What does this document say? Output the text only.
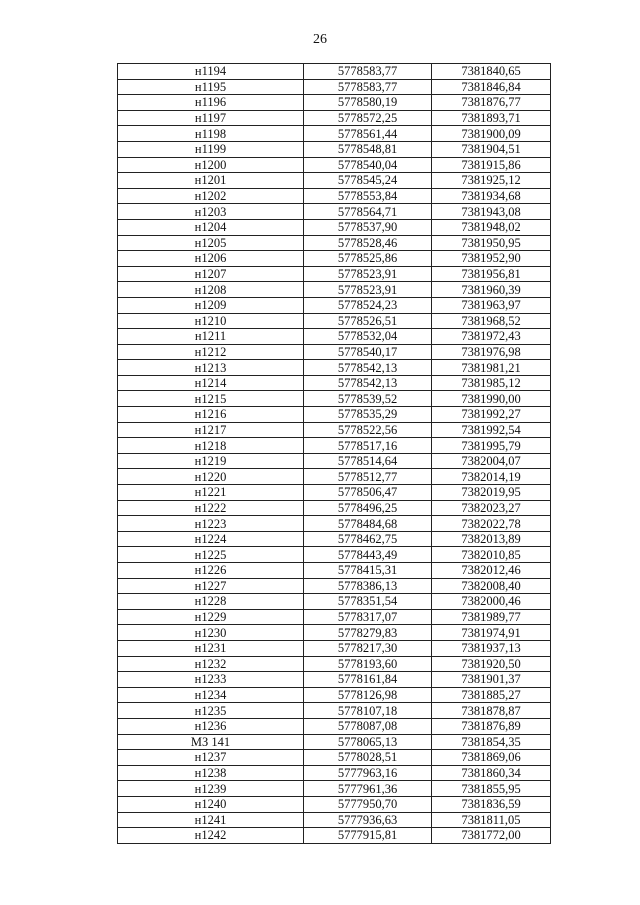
26
н1194	5778583,77	7381840,65
н1195	5778583,77	7381846,84
н1196	5778580,19	7381876,77
н1197	5778572,25	7381893,71
н1198	5778561,44	7381900,09
н1199	5778548,81	7381904,51
н1200	5778540,04	7381915,86
н1201	5778545,24	7381925,12
н1202	5778553,84	7381934,68
н1203	5778564,71	7381943,08
н1204	5778537,90	7381948,02
н1205	5778528,46	7381950,95
н1206	5778525,86	7381952,90
н1207	5778523,91	7381956,81
н1208	5778523,91	7381960,39
н1209	5778524,23	7381963,97
н1210	5778526,51	7381968,52
н1211	5778532,04	7381972,43
н1212	5778540,17	7381976,98
н1213	5778542,13	7381981,21
н1214	5778542,13	7381985,12
н1215	5778539,52	7381990,00
н1216	5778535,29	7381992,27
н1217	5778522,56	7381992,54
н1218	5778517,16	7381995,79
н1219	5778514,64	7382004,07
н1220	5778512,77	7382014,19
н1221	5778506,47	7382019,95
н1222	5778496,25	7382023,27
н1223	5778484,68	7382022,78
н1224	5778462,75	7382013,89
н1225	5778443,49	7382010,85
н1226	5778415,31	7382012,46
н1227	5778386,13	7382008,40
н1228	5778351,54	7382000,46
н1229	5778317,07	7381989,77
н1230	5778279,83	7381974,91
н1231	5778217,30	7381937,13
н1232	5778193,60	7381920,50
н1233	5778161,84	7381901,37
н1234	5778126,98	7381885,27
н1235	5778107,18	7381878,87
н1236	5778087,08	7381876,89
МЗ 141	5778065,13	7381854,35
н1237	5778028,51	7381869,06
н1238	5777963,16	7381860,34
н1239	5777961,36	7381855,95
н1240	5777950,70	7381836,59
н1241	5777936,63	7381811,05
н1242	5777915,81	7381772,00
